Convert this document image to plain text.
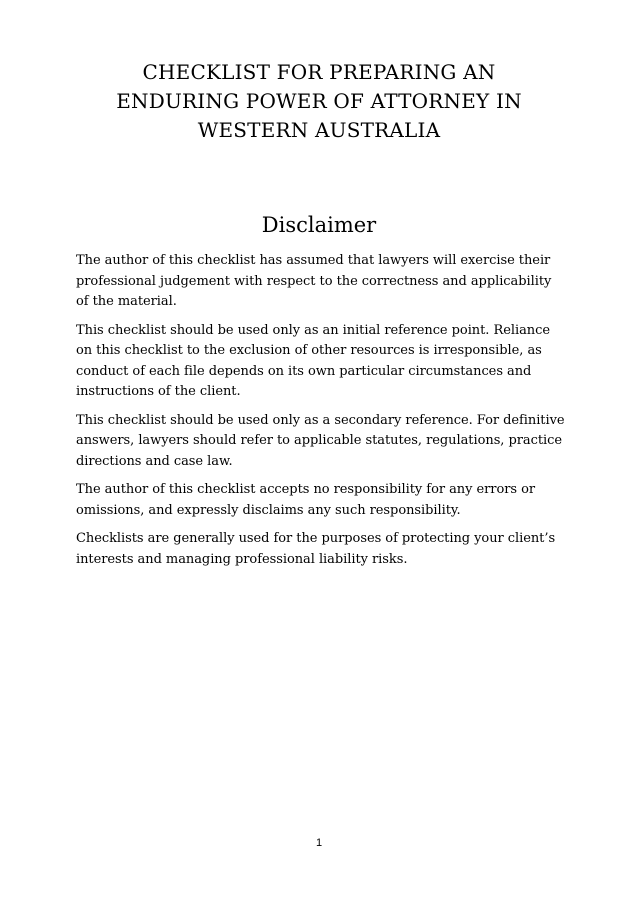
CHECKLIST FOR PREPARING AN
ENDURING POWER OF ATTORNEY IN
WESTERN AUSTRALIA
Disclaimer

The author of this checklist has assumed that lawyers will exercise their professional judgement with respect to the correctness and applicability of the material.

This checklist should be used only as an initial reference point. Reliance on this checklist to the exclusion of other resources is irresponsible, as conduct of each file depends on its own particular circumstances and instructions of the client.

This checklist should be used only as a secondary reference. For definitive answers, lawyers should refer to applicable statutes, regulations, practice directions and case law.

The author of this checklist accepts no responsibility for any errors or omissions, and expressly disclaims any such responsibility.

Checklists are generally used for the purposes of protecting your client’s interests and managing professional liability risks.

1
